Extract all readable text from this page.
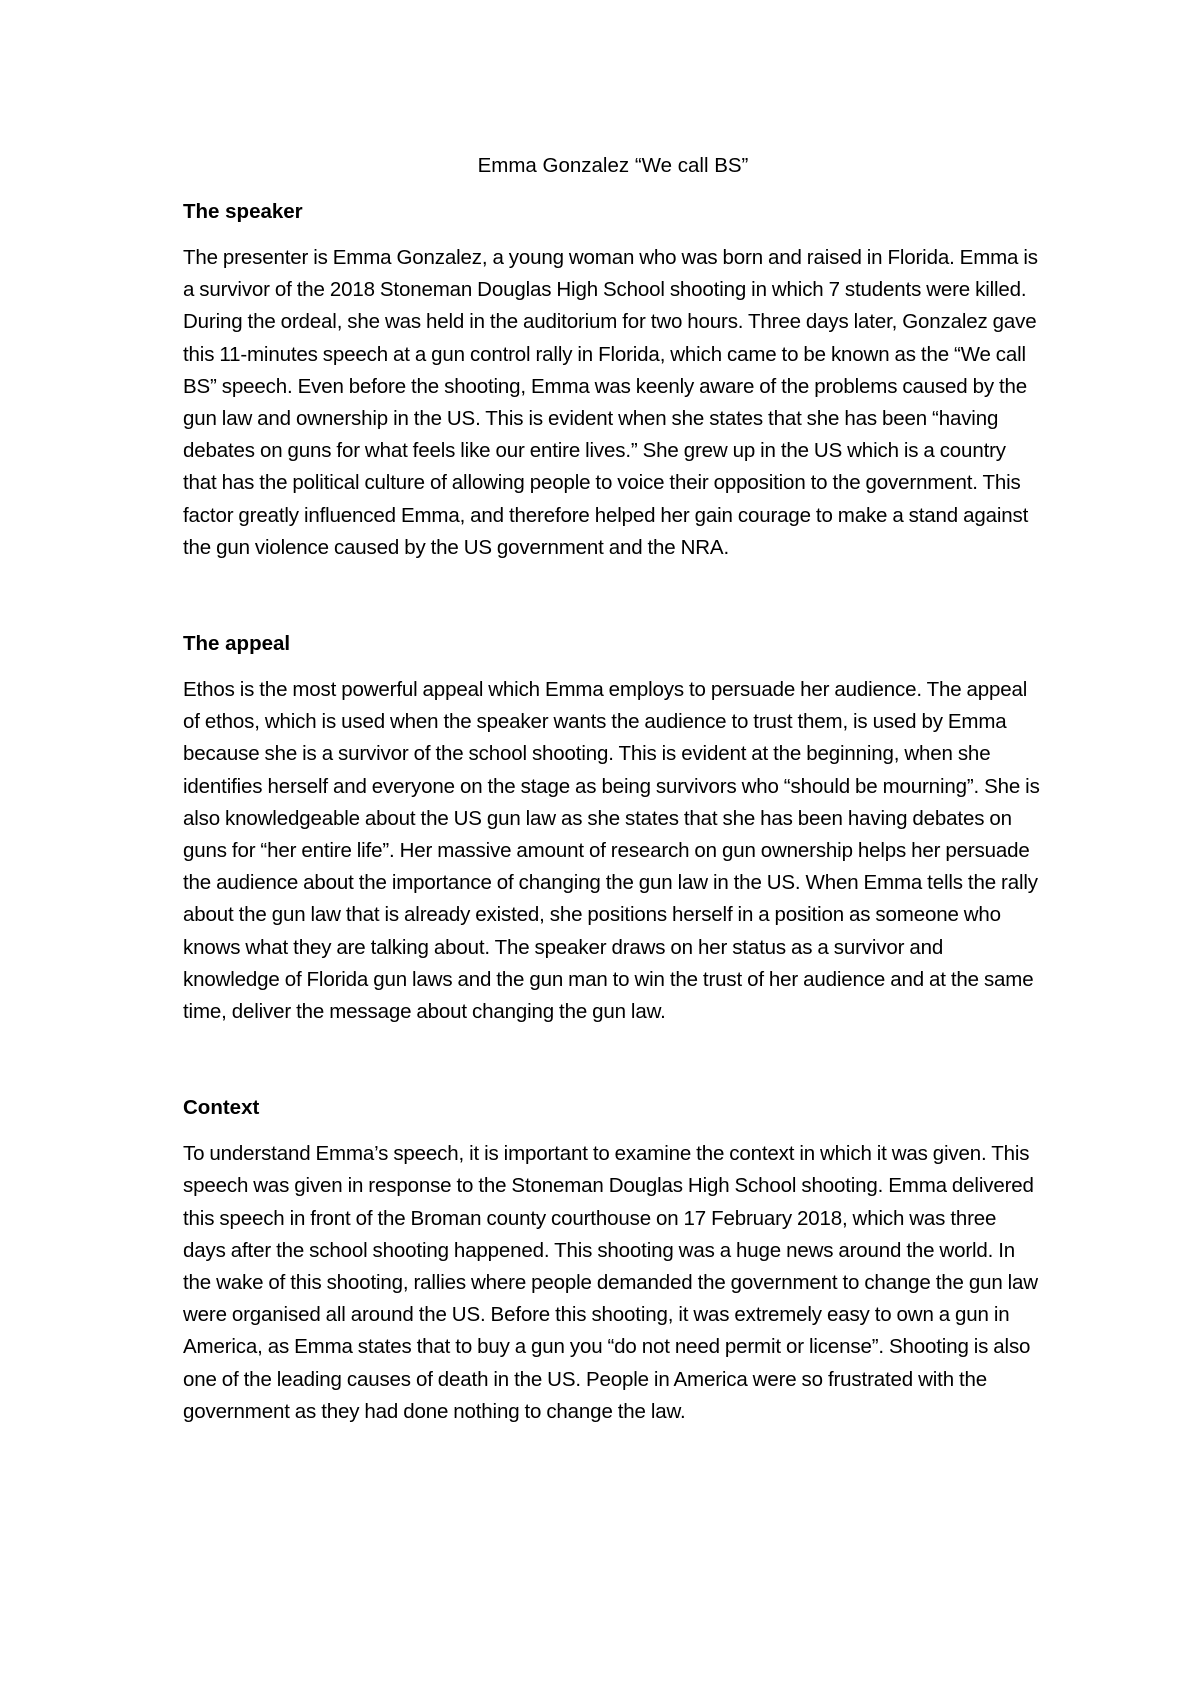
Emma Gonzalez “We call BS”
The speaker

The presenter is Emma Gonzalez, a young woman who was born and raised in Florida. Emma is a survivor of the 2018 Stoneman Douglas High School shooting in which 7 students were killed. During the ordeal, she was held in the auditorium for two hours. Three days later, Gonzalez gave this 11-minutes speech at a gun control rally in Florida, which came to be known as the “We call BS” speech. Even before the shooting, Emma was keenly aware of the problems caused by the gun law and ownership in the US. This is evident when she states that she has been “having debates on guns for what feels like our entire lives.” She grew up in the US which is a country that has the political culture of allowing people to voice their opposition to the government. This factor greatly influenced Emma, and therefore helped her gain courage to make a stand against the gun violence caused by the US government and the NRA.

The appeal

Ethos is the most powerful appeal which Emma employs to persuade her audience. The appeal of ethos, which is used when the speaker wants the audience to trust them, is used by Emma because she is a survivor of the school shooting. This is evident at the beginning, when she identifies herself and everyone on the stage as being survivors who “should be mourning”. She is also knowledgeable about the US gun law as she states that she has been having debates on guns for “her entire life”. Her massive amount of research on gun ownership helps her persuade the audience about the importance of changing the gun law in the US. When Emma tells the rally about the gun law that is already existed, she positions herself in a position as someone who knows what they are talking about. The speaker draws on her status as a survivor and knowledge of Florida gun laws and the gun man to win the trust of her audience and at the same time, deliver the message about changing the gun law.

Context

To understand Emma’s speech, it is important to examine the context in which it was given. This speech was given in response to the Stoneman Douglas High School shooting. Emma delivered this speech in front of the Broman county courthouse on 17 February 2018, which was three days after the school shooting happened. This shooting was a huge news around the world. In the wake of this shooting, rallies where people demanded the government to change the gun law were organised all around the US. Before this shooting, it was extremely easy to own a gun in America, as Emma states that to buy a gun you “do not need permit or license”. Shooting is also one of the leading causes of death in the US. People in America were so frustrated with the government as they had done nothing to change the law.
